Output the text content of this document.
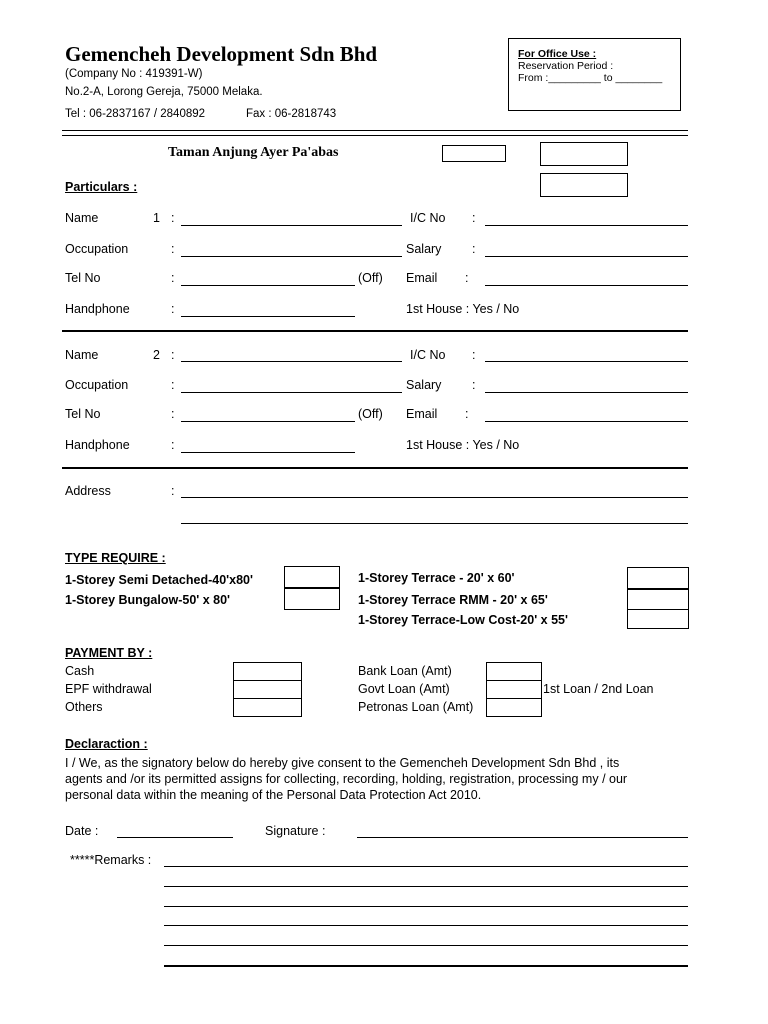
Gemencheh Development Sdn Bhd
(Company No : 419391-W)
No.2-A, Lorong Gereja, 75000 Melaka.
Tel : 06-2837167 / 2840892	Fax : 06-2818743
For Office Use :
Reservation Period :
From :_________ to ________
Taman Anjung Ayer Pa'abas
Particulars :
Name	1 :	I/C No :
Occupation	:	Salary :
Tel No	:	(Off) Email :
Handphone	:	1st House : Yes / No
Name	2 :	I/C No :
Occupation	:	Salary :
Tel No	:	(Off) Email :
Handphone	:	1st House : Yes / No
Address	:
TYPE REQUIRE :
1-Storey Semi Detached-40'x80'
1-Storey Bungalow-50' x 80'
1-Storey Terrace - 20' x 60'
1-Storey Terrace RMM - 20' x 65'
1-Storey Terrace-Low Cost-20' x 55'
PAYMENT BY :
Cash
EPF withdrawal
Others
Bank Loan (Amt)
Govt Loan (Amt)	1st Loan / 2nd Loan
Petronas Loan (Amt)
Declaraction :
I / We, as the signatory below do hereby give consent to the Gemencheh Development Sdn Bhd , its
agents and /or its permitted assigns for collecting, recording, holding, registration, processing my / our
personal data within the meaning of the Personal Data Protection Act 2010.
Date :	Signature :
*****Remarks :
